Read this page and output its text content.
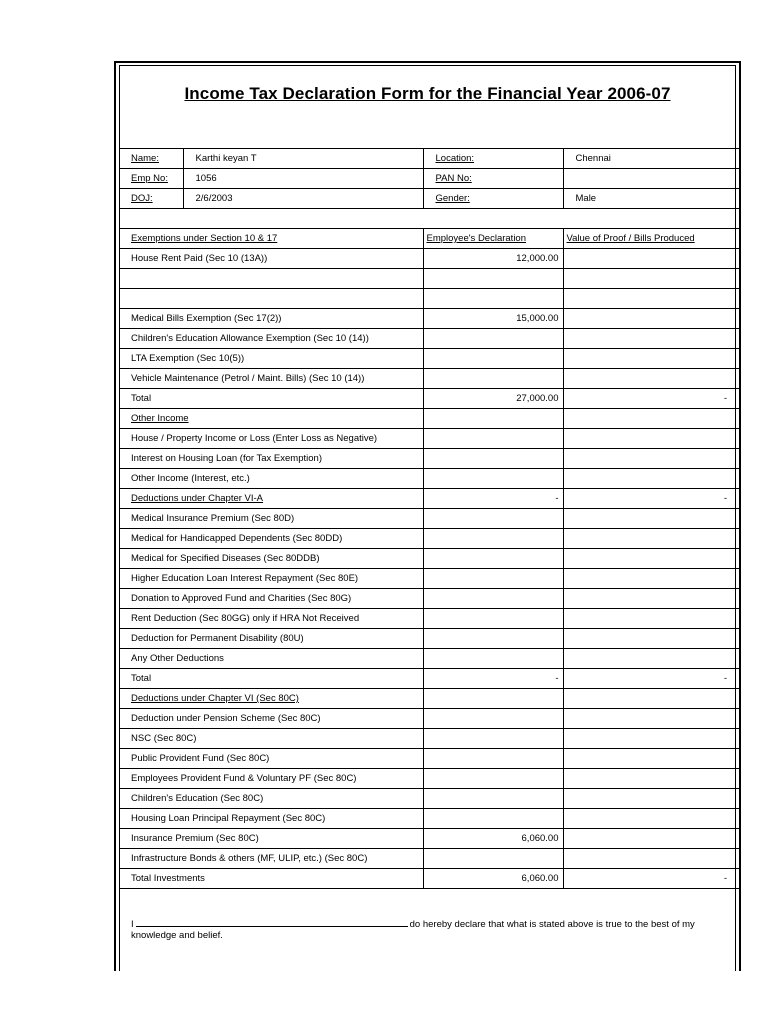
Income Tax Declaration Form for the Financial Year 2006-07
Name:	Karthi keyan T	Location:	Chennai
Emp No:	1056	PAN No:	
DOJ:	2/6/2003	Gender:	Male

Exemptions under Section 10 & 17		Employee's Declaration	Value of Proof / Bills Produced
House Rent Paid (Sec 10 (13A))		12,000.00	

Medical Bills Exemption (Sec 17(2))		15,000.00	
Children's Education Allowance Exemption (Sec 10 (14))			
LTA Exemption (Sec 10(5))			
Vehicle Maintenance (Petrol / Maint. Bills) (Sec 10 (14))			
Total		27,000.00	-
Other Income			
House / Property Income or Loss (Enter Loss as Negative)			
Interest on Housing Loan (for Tax Exemption)			
Other Income (Interest, etc.)			
Deductions under Chapter VI-A		-	-
Medical Insurance Premium (Sec 80D)			
Medical for Handicapped Dependents (Sec 80DD)			
Medical for Specified Diseases (Sec 80DDB)			
Higher Education Loan Interest Repayment (Sec 80E)			
Donation to Approved Fund and Charities (Sec 80G)			
Rent Deduction (Sec 80GG) only if HRA Not Received			
Deduction for Permanent Disability (80U)			
Any Other Deductions			
Total		-	-
Deductions under Chapter VI (Sec 80C)			
Deduction under Pension Scheme (Sec 80C)			
NSC (Sec 80C)			
Public Provident Fund (Sec 80C)			
Employees Provident Fund & Voluntary PF (Sec 80C)			
Children's Education (Sec 80C)			
Housing Loan Principal Repayment (Sec 80C)			
Insurance Premium (Sec 80C)		6,060.00	
Infrastructure Bonds & others (MF, ULIP, etc.) (Sec 80C)			
Total Investments		6,060.00	-
I	do hereby declare that what is stated above is true to the best of my
knowledge and belief.
